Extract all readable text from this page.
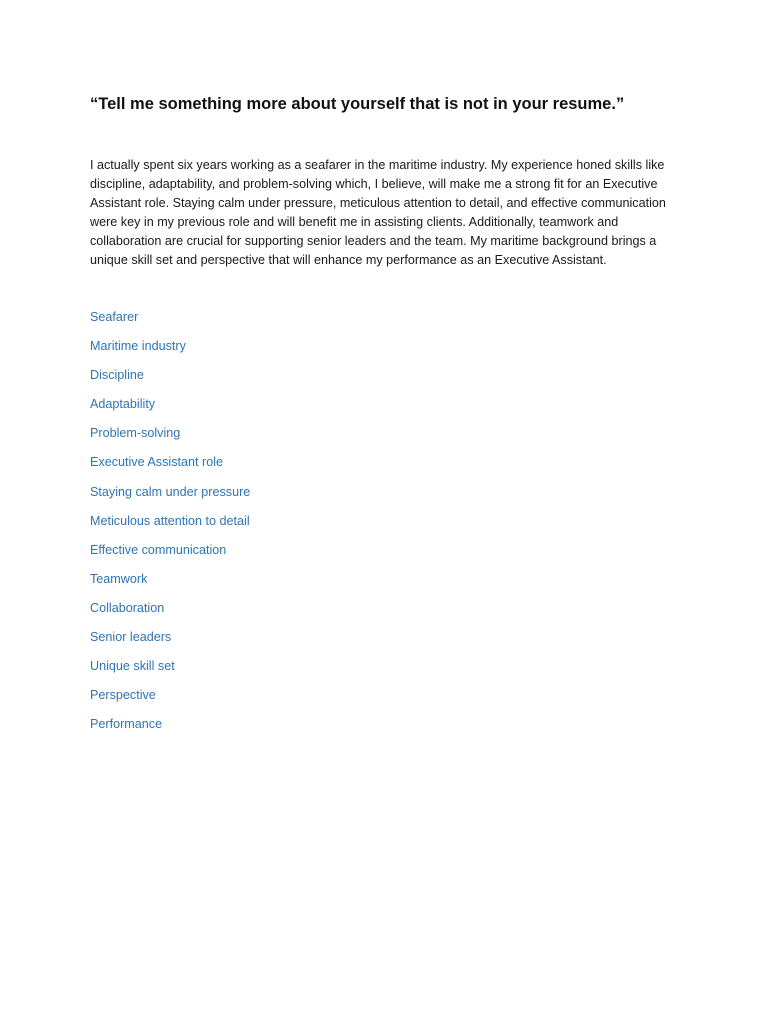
“Tell me something more about yourself that is not in your resume.”

I actually spent six years working as a seafarer in the maritime industry. My experience honed skills like discipline, adaptability, and problem-solving which, I believe, will make me a strong fit for an Executive Assistant role. Staying calm under pressure, meticulous attention to detail, and effective communication were key in my previous role and will benefit me in assisting clients. Additionally, teamwork and collaboration are crucial for supporting senior leaders and the team. My maritime background brings a unique skill set and perspective that will enhance my performance as an Executive Assistant.

Seafarer
Maritime industry
Discipline
Adaptability
Problem-solving
Executive Assistant role
Staying calm under pressure
Meticulous attention to detail
Effective communication
Teamwork
Collaboration
Senior leaders
Unique skill set
Perspective
Performance
